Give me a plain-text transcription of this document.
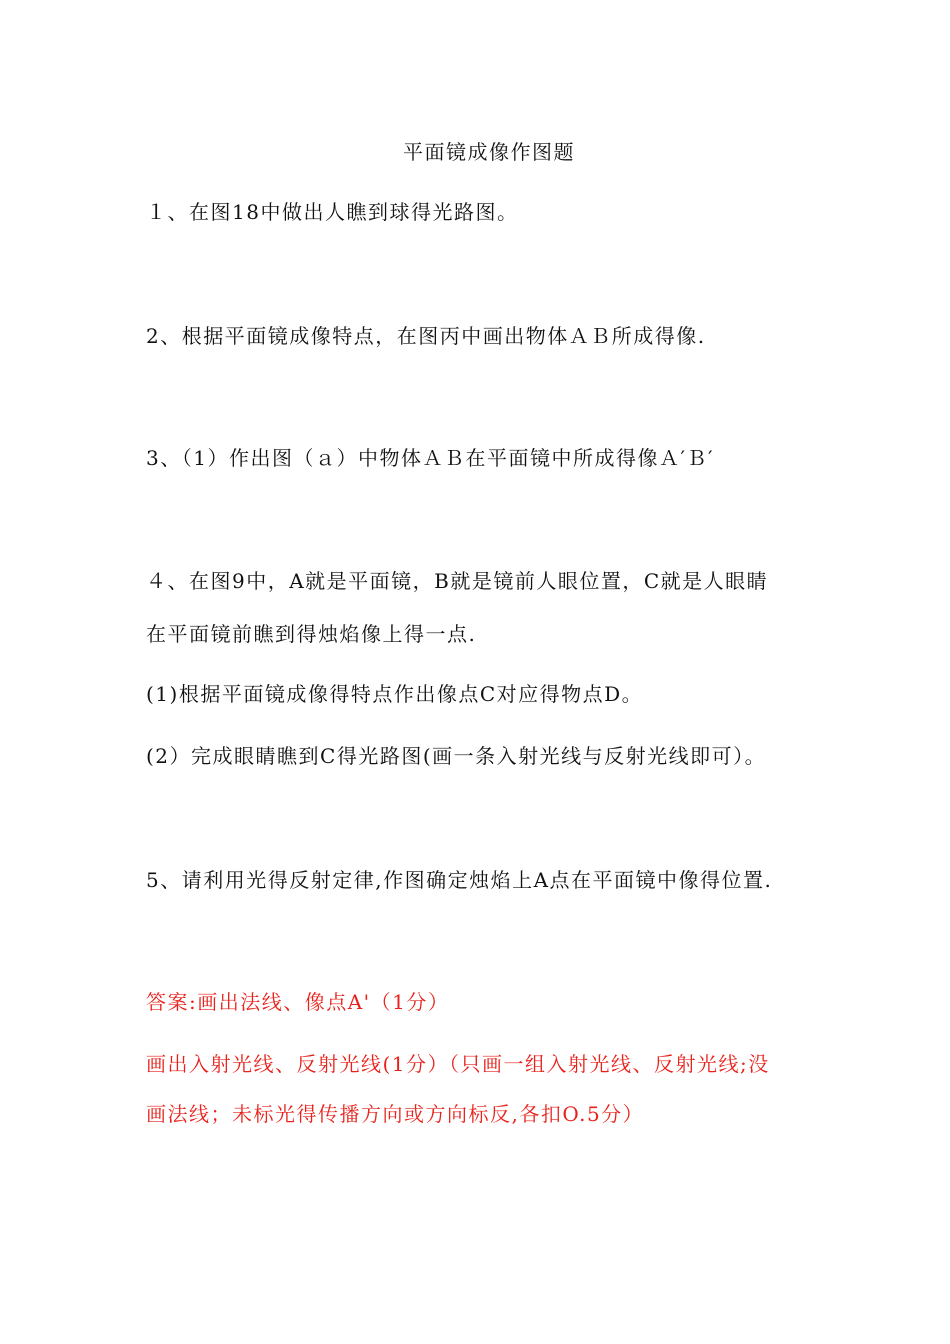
平面镜成像作图题
１、在图18中做出人瞧到球得光路图。
2、根据平面镜成像特点，在图丙中画出物体ＡＢ所成得像.
3、（1）作出图（ａ）中物体ＡＢ在平面镜中所成得像Ａ′Ｂ′
４、在图9中，A就是平面镜，B就是镜前人眼位置，C就是人眼睛
在平面镜前瞧到得烛焰像上得一点.
(1)根据平面镜成像得特点作出像点C对应得物点D。
(2）完成眼睛瞧到C得光路图(画一条入射光线与反射光线即可）。
5、请利用光得反射定律,作图确定烛焰上A点在平面镜中像得位置.
答案:画出法线、像点A'（1分）
画出入射光线、反射光线(1分）（只画一组入射光线、反射光线;没
画法线；未标光得传播方向或方向标反,各扣O.5分）
